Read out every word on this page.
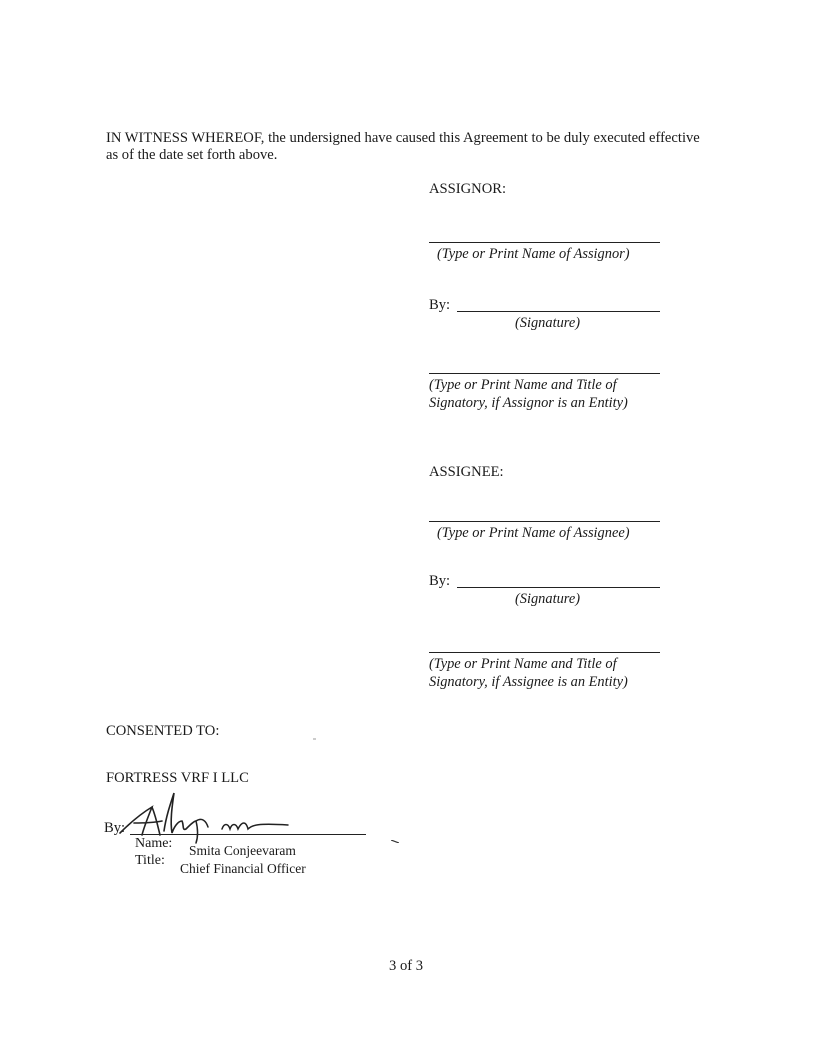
IN WITNESS WHEREOF, the undersigned have caused this Agreement to be duly executed effective as of the date set forth above.
ASSIGNOR:
(Type or Print Name of Assignor)
By:
(Signature)
(Type or Print Name and Title of
Signatory, if Assignor is an Entity)
ASSIGNEE:
(Type or Print Name of Assignee)
By:
(Signature)
(Type or Print Name and Title of
Signatory, if Assignee is an Entity)
CONSENTED TO:
FORTRESS VRF I LLC
By:
Name:
Title:
Smita Conjeevaram
Chief Financial Officer
3 of 3
